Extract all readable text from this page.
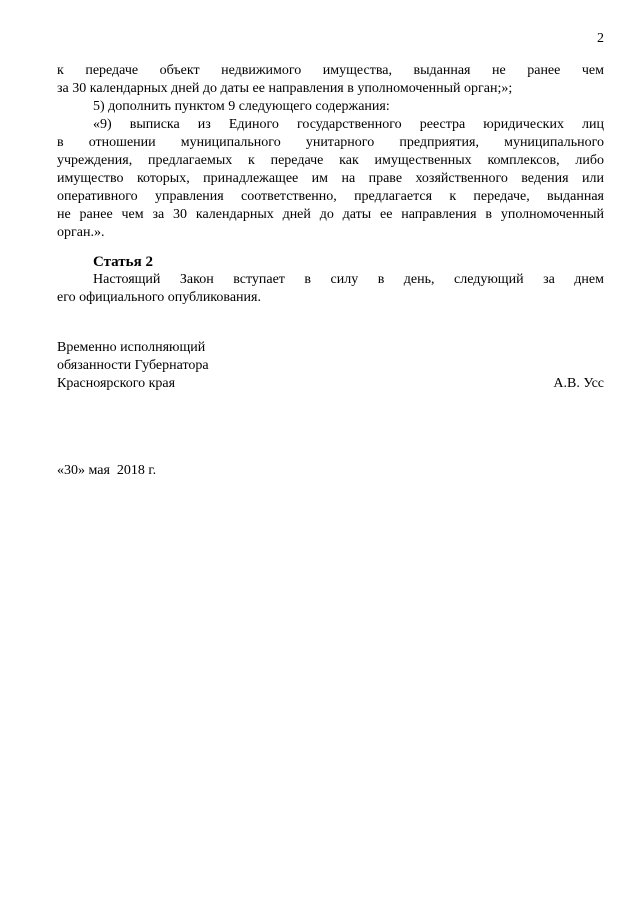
2
к передаче объект недвижимого имущества, выданная не ранее чем
за 30 календарных дней до даты ее направления в уполномоченный орган;»;
5) дополнить пунктом 9 следующего содержания:
«9) выписка из Единого государственного реестра юридических лиц
в отношении муниципального унитарного предприятия, муниципального
учреждения, предлагаемых к передаче как имущественных комплексов, либо
имущество которых, принадлежащее им на праве хозяйственного ведения или
оперативного управления соответственно, предлагается к передаче, выданная
не ранее чем за 30 календарных дней до даты ее направления в уполномоченный
орган.».
Статья 2
Настоящий Закон вступает в силу в день, следующий за днем
его официального опубликования.
Временно исполняющий
обязанности Губернатора
Красноярского края	А.В. Усс
«30» мая  2018 г.
